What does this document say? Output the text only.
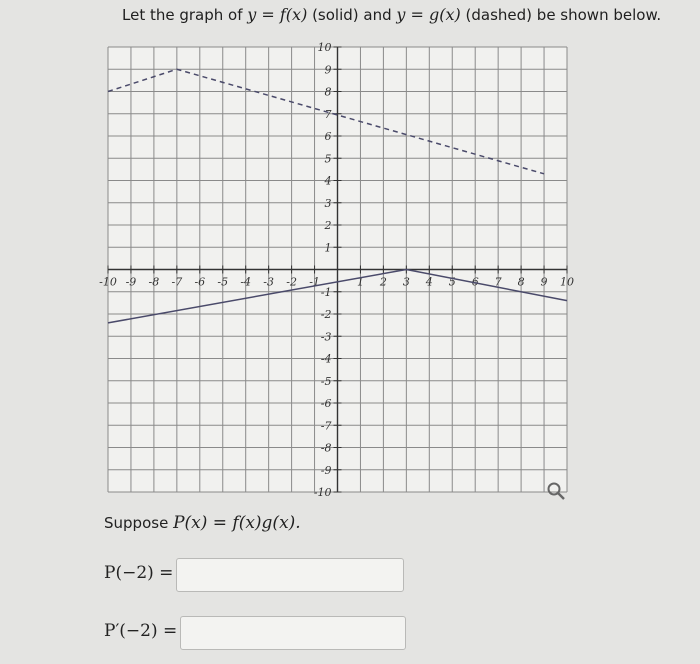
Let the graph of y = f(x) (solid) and y = g(x) (dashed) be shown below.
-10 -9 -8 -7 -6 -5 -4 -3 -2 -1	1 2 3 4 5 6 7 8 9 10
-10
-9
-8
-7
-6
-5
-4
-3
-2
-1
1
2
3
4
5
6
7
8
9
10
Suppose P(x) = f(x)g(x).
P(−2) =
P′(−2) =
